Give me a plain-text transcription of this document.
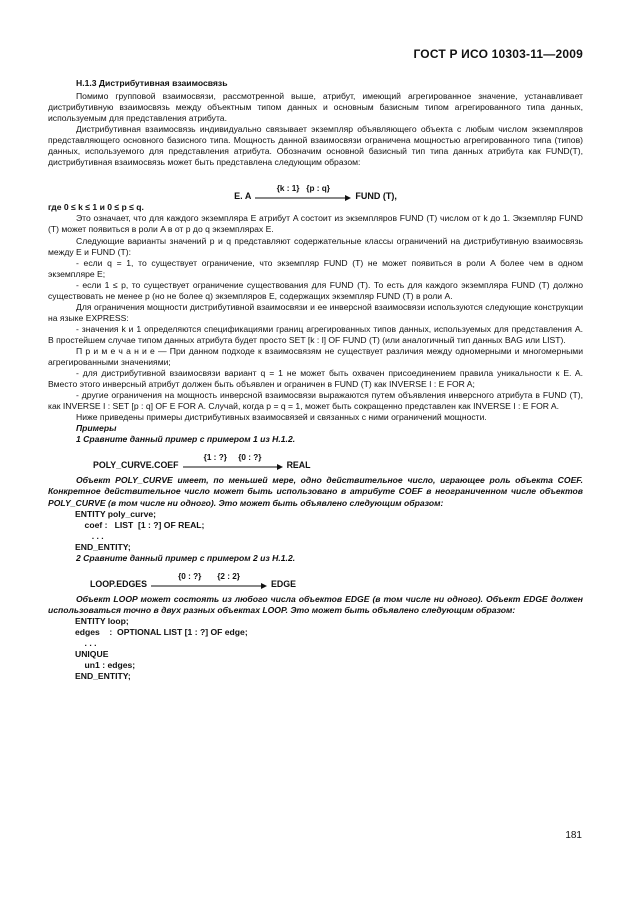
ГОСТ Р ИСО 10303-11—2009

Н.1.3 Дистрибутивная взаимосвязь

Помимо групповой взаимосвязи, рассмотренной выше, атрибут, имеющий агрегированное значение, устанавливает дистрибутивную взаимосвязь между объектным типом данных и основным базисным типом агрегированного типа данных, используемым для представления атрибута.

Дистрибутивная взаимосвязь индивидуально связывает экземпляр объявляющего объекта с любым числом экземпляров представляющего основного базисного типа. Мощность данной взаимосвязи ограничена мощностью агрегированного типа (типов) данных, используемого для представления атрибута. Обозначим основной базисный тип типа данных атрибута как FUND(T), дистрибутивная взаимосвязь может быть представлена следующим образом:

E. A
{k : 1}   {p : q}
FUND (T),

где 0 ≤ k ≤ 1 и 0 ≤ p ≤ q.

Это означает, что для каждого экземпляра E атрибут A состоит из экземпляров FUND (T) числом от k до 1. Экземпляр FUND (T) может появиться в роли A в от p до q экземплярах E.

Следующие варианты значений p и q представляют содержательные классы ограничений на дистрибутивную взаимосвязь между E и FUND (T):

- если q = 1, то существует ограничение, что экземпляр FUND (T) не может появиться в роли A более чем в одном экземпляре E;

- если 1 ≤ p, то существует ограничение существования для FUND (T). То есть для каждого экземпляра FUND (T) должно существовать не менее p (но не более q) экземпляров E, содержащих экземпляр FUND (T) в роли A.

Для ограничения мощности дистрибутивной взаимосвязи и ее инверсной взаимосвязи используются следующие конструкции на языке EXPRESS:

- значения k и 1 определяются спецификациями границ агрегированных типов данных, используемых для представления A. В простейшем случае типом данных атрибута будет просто SET [k : l] OF FUND (T) (или аналогичный тип данных BAG или LIST).

П р и м е ч а н и е — При данном подходе к взаимосвязям не существует различия между одномерными и многомерными агрегированными значениями;

- для дистрибутивной взаимосвязи вариант q = 1 не может быть охвачен присоединением правила уникальности к E. A. Вместо этого инверсный атрибут должен быть объявлен и ограничен в FUND (T) как INVERSE I : E FOR A;

- другие ограничения на мощность инверсной взаимосвязи выражаются путем объявления инверсного атрибута в FUND (T), как INVERSE I : SET [p : q] OF E FOR A. Случай, когда p = q = 1, может быть сокращенно представлен как INVERSE I : E FOR A.

Ниже приведены примеры дистрибутивных взаимосвязей и связанных с ними ограничений мощности.

Примеры

1 Сравните данный пример с примером 1 из Н.1.2.

POLY_CURVE.COEF
{1 : ?}     {0 : ?}
REAL

Объект POLY_CURVE имеет, по меньшей мере, одно действительное число, играющее роль объекта COEF. Конкретное действительное число может быть использовано в атрибуте COEF в неограниченном числе объектов POLY_CURVE (в том числе ни одного). Это может быть объявлено следующим образом:

ENTITY poly_curve;
coef :   LIST  [1 : ?] OF REAL;
. . .
END_ENTITY;

2 Сравните данный пример с примером 2 из Н.1.2.

LOOP.EDGES
{0 : ?}       {2 : 2}
EDGE

Объект LOOP может состоять из любого числа объектов EDGE (в том числе ни одного). Объект EDGE должен использоваться точно в двух разных объектах LOOP. Это может быть объявлено следующим образом:

ENTITY loop;
edges    :  OPTIONAL LIST [1 : ?] OF edge;
. . .
UNIQUE
un1 : edges;
END_ENTITY;
181
